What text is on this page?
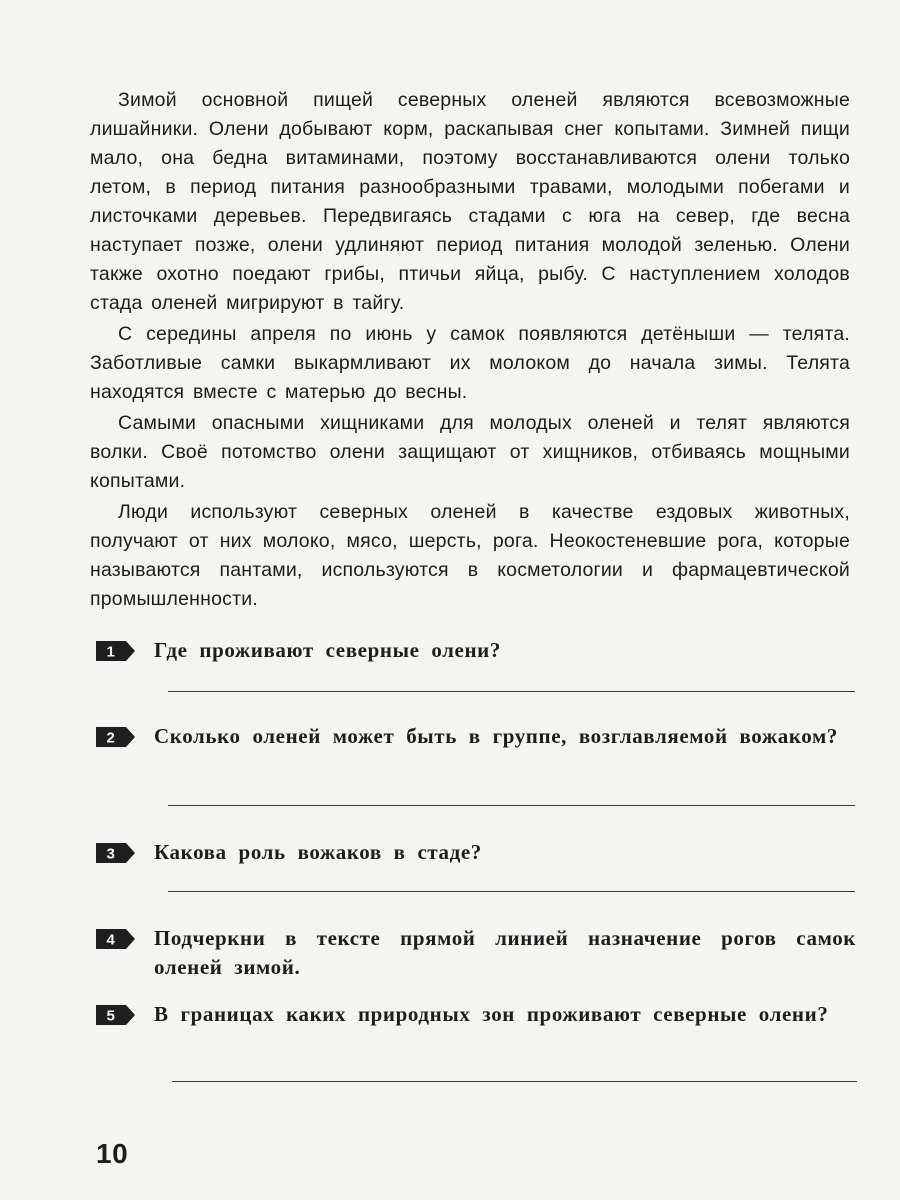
Зимой основной пищей северных оленей являются всевозможные лишайники. Олени добывают корм, раскапывая снег копытами. Зимней пищи мало, она бедна витаминами, поэтому восстанавливаются олени только летом, в период питания разнообразными травами, молодыми побегами и листочками деревьев. Передвигаясь стадами с юга на север, где весна наступает позже, олени удлиняют период питания молодой зеленью. Олени также охотно поедают грибы, птичьи яйца, рыбу. С наступлением холодов стада оленей мигрируют в тайгу.

С середины апреля по июнь у самок появляются детёныши — телята. Заботливые самки выкармливают их молоком до начала зимы. Телята находятся вместе с матерью до весны.

Самыми опасными хищниками для молодых оленей и телят являются волки. Своё потомство олени защищают от хищников, отбиваясь мощными копытами.

Люди используют северных оленей в качестве ездовых животных, получают от них молоко, мясо, шерсть, рога. Неокостеневшие рога, которые называются пантами, используются в косметологии и фармацевтической промышленности.

1 Где проживают северные олени?
2 Сколько оленей может быть в группе, возглавляемой вожаком?
3 Какова роль вожаков в стаде?
4 Подчеркни в тексте прямой линией назначение рогов самок оленей зимой.
5 В границах каких природных зон проживают северные олени?
10
